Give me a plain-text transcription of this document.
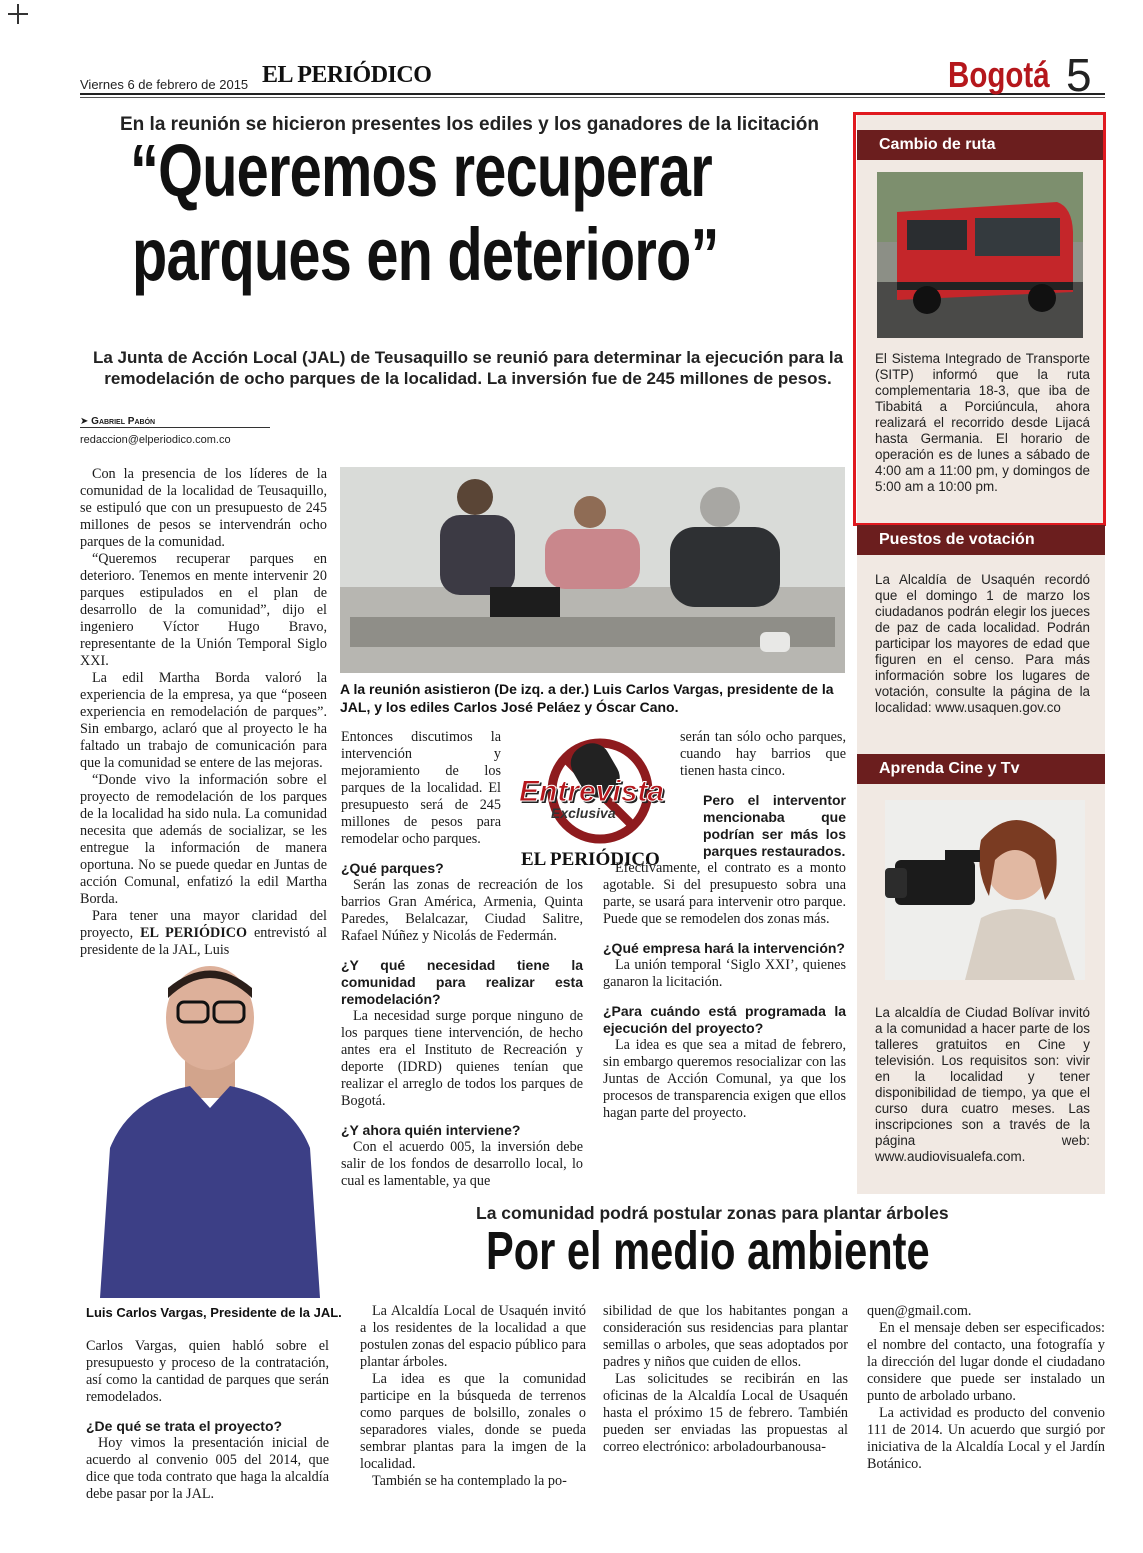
Viernes 6 de febrero de 2015 EL PERIÓDICO	Bogotá 5
En la reunión se hicieron presentes los ediles y los ganadores de la licitación
“Queremos recuperar
parques en deterioro”
La Junta de Acción Local (JAL) de Teusaquillo se reunió para determinar la ejecución para la
remodelación de ocho parques de la localidad. La inversión fue de 245 millones de pesos.
➤ Gabriel Pabón
redaccion@elperiodico.com.co

Con la presencia de los líderes de la comunidad de la localidad de Teusaquillo, se estipuló que con un presupuesto de 245 millones de pesos se intervendrán ocho parques de la comunidad.

“Queremos recuperar parques en deterioro. Tenemos en mente intervenir 20 parques estipulados en el plan de desarrollo de la comunidad”, dijo el ingeniero Víctor Hugo Bravo, representante de la Unión Temporal Siglo XXI.

La edil Martha Borda valoró la experiencia de la empresa, ya que “poseen experiencia en remodelación de parques”. Sin embargo, aclaró que al proyecto le ha faltado un trabajo de comunicación para que la comunidad se entere de las mejoras.

“Donde vivo la información sobre el proyecto de remodelación de los parques de la localidad ha sido nula. La comunidad necesita que además de socializar, se les entregue la información de manera oportuna. No se puede quedar en Juntas de acción Comunal, enfatizó la edil Martha Borda.

Para tener una mayor claridad del proyecto, EL PERIÓDICO entrevistó al presidente de la JAL, Luis

A la reunión asistieron (De izq. a der.) Luis Carlos Vargas, presidente de la JAL, y los ediles Carlos José Peláez y Óscar Cano.

Entonces discutimos la intervención y mejoramiento de los parques de la localidad. El presupuesto será de 245 millones de pesos para remodelar ocho parques.

¿Qué parques?

Serán las zonas de recreación de los barrios Gran América, Armenia, Quinta Paredes, Belalcazar, Ciudad Salitre, Rafael Núñez y Nicolás de Federmán.

¿Y qué necesidad tiene la comunidad para realizar esta remodelación?

La necesidad surge porque ninguno de los parques tiene intervención, de hecho antes era el Instituto de Recreación y deporte (IDRD) quienes tenían que realizar el arreglo de todos los parques de Bogotá.

¿Y ahora quién interviene?

Con el acuerdo 005, la inversión debe salir de los fondos de desarrollo local, lo cual es lamentable, ya que

Entrevista
Exclusiva
EL PERIÓDICO

serán tan sólo ocho parques, cuando hay barrios que tienen hasta cinco.

Pero el interventor mencionaba que podrían ser más los parques restaurados.

Efectivamente, el contrato es a monto agotable. Si del presupuesto sobra una parte, se usará para intervenir otro parque. Puede que se remodelen dos zonas más.

¿Qué empresa hará la intervención?

La unión temporal ‘Siglo XXI’, quienes ganaron la licitación.

¿Para cuándo está programada la ejecución del proyecto?

La idea es que sea a mitad de febrero, sin embargo queremos resocializar con las Juntas de Acción Comunal, ya que los procesos de transparencia exigen que ellos hagan parte del proyecto.

Luis Carlos Vargas, Presidente de la JAL.

Carlos Vargas, quien habló sobre el presupuesto y proceso de la contratación, así como la cantidad de parques que serán remodelados.

¿De qué se trata el proyecto?

Hoy vimos la presentación inicial de acuerdo al convenio 005 del 2014, que dice que toda contrato que haga la alcaldía debe pasar por la JAL.

La comunidad podrá postular zonas para plantar árboles
Por el medio ambiente

La Alcaldía Local de Usaquén invitó a los residentes de la localidad a que postulen zonas del espacio público para plantar árboles.

La idea es que la comunidad participe en la búsqueda de terrenos como parques de bolsillo, zonales o separadores viales, donde se pueda sembrar plantas para la imgen de la localidad.

También se ha contemplado la po-

sibilidad de que los habitantes pongan a consideración sus residencias para plantar semillas o arboles, que seas adoptados por padres y niños que cuiden de ellos.

Las solicitudes se recibirán en las oficinas de la Alcaldía Local de Usaquén hasta el próximo 15 de febrero. También pueden ser enviadas las propuestas al correo electrónico: arboladourbanousa-

quen@gmail.com.

En el mensaje deben ser especificados: el nombre del contacto, una fotografía y la dirección del lugar donde el ciudadano considere que puede ser instalado un punto de arbolado urbano.

La actividad es producto del convenio 111 de 2014. Un acuerdo que surgió por iniciativa de la Alcaldía Local y el Jardín Botánico.

Cambio de ruta
El Sistema Integrado de Transporte (SITP) informó que la ruta complementaria 18-3, que iba de Tibabitá a Porciúncula, ahora realizará el recorrido desde Lijacá hasta Germania. El horario de operación es de lunes a sábado de 4:00 am a 11:00 pm, y domingos de 5:00 am a 10:00 pm.
Puestos de votación
La Alcaldía de Usaquén recordó que el domingo 1 de marzo los ciudadanos podrán elegir los jueces de paz de cada localidad. Podrán participar los mayores de edad que figuren en el censo. Para más información sobre los lugares de votación, consulte la página de la localidad: www.usaquen.gov.co
Aprenda Cine y Tv
La alcaldía de Ciudad Bolívar invitó a la comunidad a hacer parte de los talleres gratuitos en Cine y televisión. Los requisitos son: vivir en la localidad y tener disponibilidad de tiempo, ya que el curso dura cuatro meses. Las inscripciones son a través de la página web: www.audiovisualefa.com.
